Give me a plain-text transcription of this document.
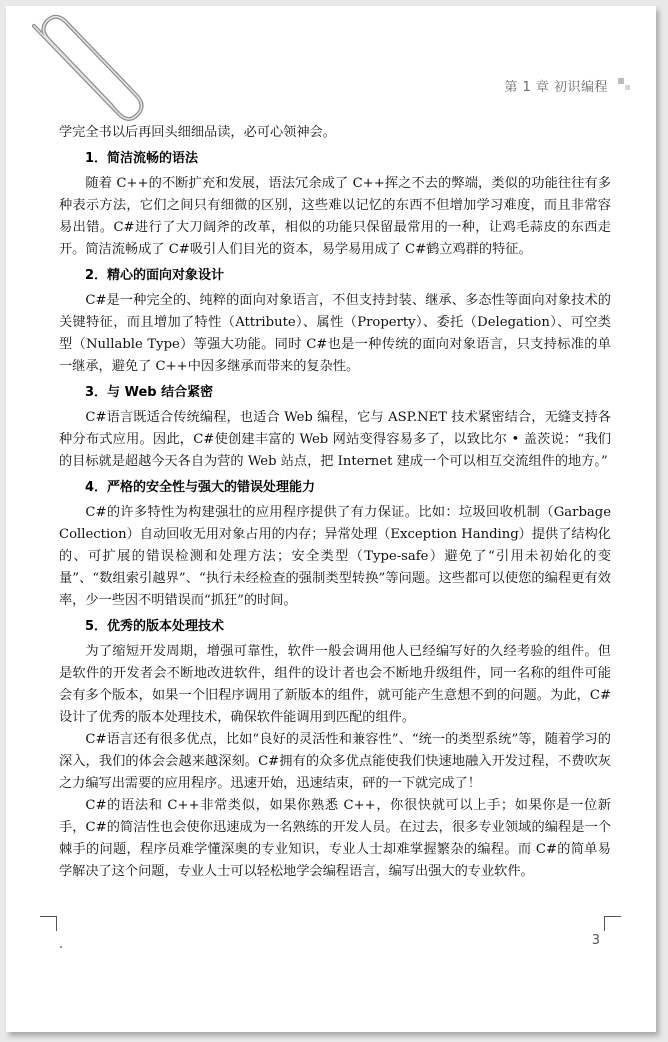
第 1 章 初识编程

学完全书以后再回头细细品读，必可心领神会。

1．简洁流畅的语法

随着 C++的不断扩充和发展，语法冗余成了 C++挥之不去的弊端，类似的功能往往有多种表示方法，它们之间只有细微的区别，这些难以记忆的东西不但增加学习难度，而且非常容易出错。C#进行了大刀阔斧的改革，相似的功能只保留最常用的一种，让鸡毛蒜皮的东西走开。简洁流畅成了 C#吸引人们目光的资本，易学易用成了 C#鹤立鸡群的特征。

2．精心的面向对象设计

C#是一种完全的、纯粹的面向对象语言，不但支持封装、继承、多态性等面向对象技术的关键特征，而且增加了特性（Attribute）、属性（Property）、委托（Delegation）、可空类型（Nullable Type）等强大功能。同时 C#也是一种传统的面向对象语言，只支持标准的单一继承，避免了 C++中因多继承而带来的复杂性。

3．与 Web 结合紧密

C#语言既适合传统编程，也适合 Web 编程，它与 ASP.NET 技术紧密结合，无缝支持各种分布式应用。因此，C#使创建丰富的 Web 网站变得容易多了，以致比尔 • 盖茨说：“我们的目标就是超越今天各自为营的 Web 站点，把 Internet 建成一个可以相互交流组件的地方。”

4．严格的安全性与强大的错误处理能力

C#的许多特性为构建强壮的应用程序提供了有力保证。比如：垃圾回收机制（Garbage Collection）自动回收无用对象占用的内存；异常处理（Exception Handing）提供了结构化的、可扩展的错误检测和处理方法；安全类型（Type-safe）避免了“引用未初始化的变量”、“数组索引越界”、“执行未经检查的强制类型转换”等问题。这些都可以使您的编程更有效率，少一些因不明错误而“抓狂”的时间。

5．优秀的版本处理技术

为了缩短开发周期，增强可靠性，软件一般会调用他人已经编写好的久经考验的组件。但是软件的开发者会不断地改进软件，组件的设计者也会不断地升级组件，同一名称的组件可能会有多个版本，如果一个旧程序调用了新版本的组件，就可能产生意想不到的问题。为此，C#设计了优秀的版本处理技术，确保软件能调用到匹配的组件。

C#语言还有很多优点，比如“良好的灵活性和兼容性”、“统一的类型系统”等，随着学习的深入，我们的体会会越来越深刻。C#拥有的众多优点能使我们快速地融入开发过程，不费吹灰之力编写出需要的应用程序。迅速开始，迅速结束，砰的一下就完成了！

C#的语法和 C++非常类似，如果你熟悉 C++，你很快就可以上手；如果你是一位新手，C#的简洁性也会使你迅速成为一名熟练的开发人员。在过去，很多专业领域的编程是一个棘手的问题，程序员难学懂深奥的专业知识，专业人士却难掌握繁杂的编程。而 C#的简单易学解决了这个问题，专业人士可以轻松地学会编程语言，编写出强大的专业软件。

3
